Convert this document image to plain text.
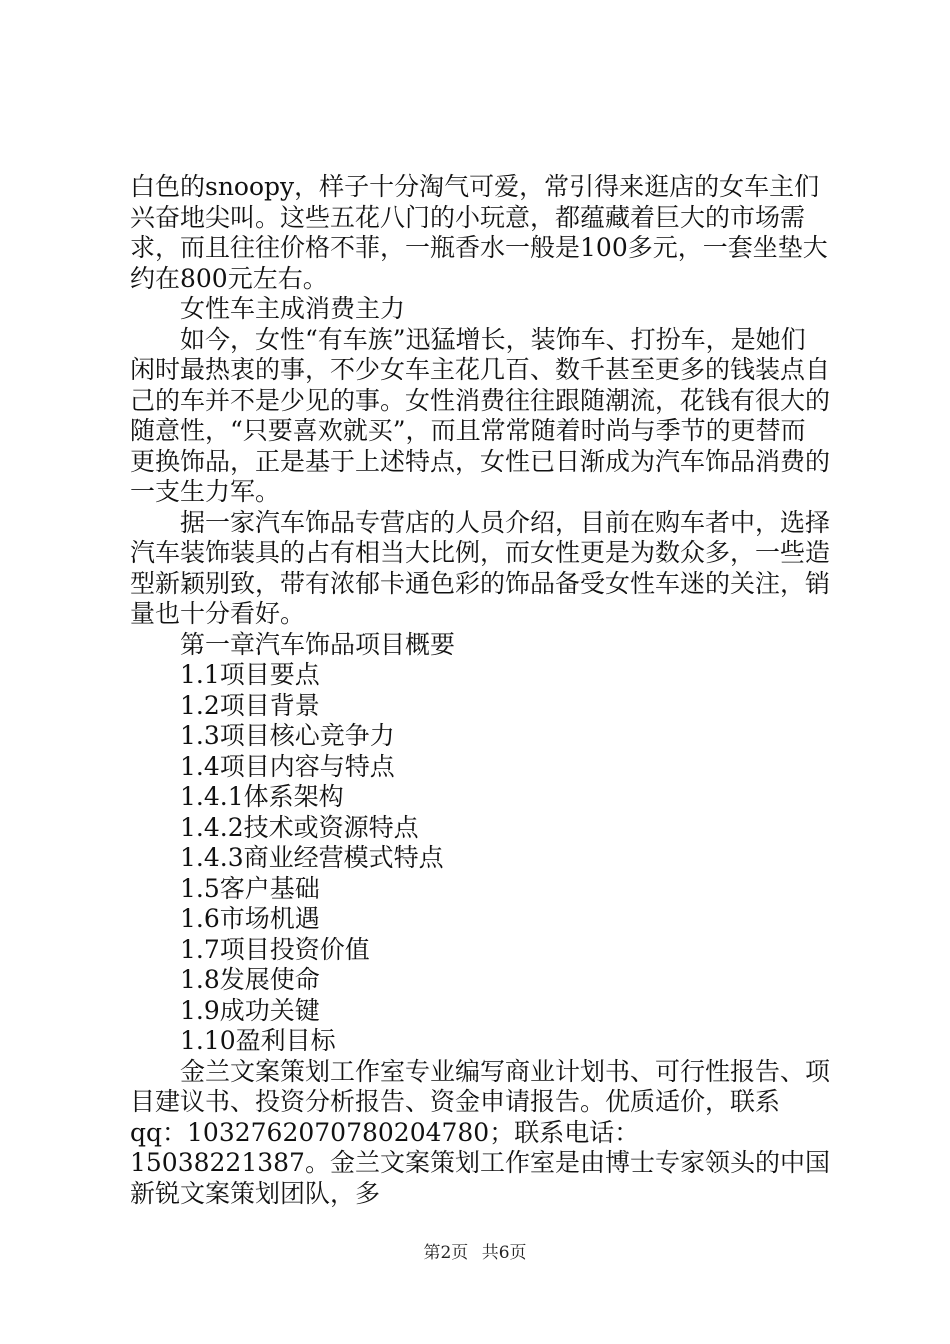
白色的snoopy，样子十分淘气可爱，常引得来逛店的女车主们兴奋地尖叫。这些五花八门的小玩意，都蕴藏着巨大的市场需求，而且往往价格不菲，一瓶香水一般是100多元，一套坐垫大约在800元左右。

女性车主成消费主力

如今，女性“有车族”迅猛增长，装饰车、打扮车，是她们闲时最热衷的事，不少女车主花几百、数千甚至更多的钱装点自己的车并不是少见的事。女性消费往往跟随潮流，花钱有很大的随意性，“只要喜欢就买”，而且常常随着时尚与季节的更替而更换饰品，正是基于上述特点，女性已日渐成为汽车饰品消费的一支生力军。

据一家汽车饰品专营店的人员介绍，目前在购车者中，选择汽车装饰装具的占有相当大比例，而女性更是为数众多，一些造型新颖别致，带有浓郁卡通色彩的饰品备受女性车迷的关注，销量也十分看好。

第一章汽车饰品项目概要

1.1项目要点

1.2项目背景

1.3项目核心竞争力

1.4项目内容与特点

1.4.1体系架构

1.4.2技术或资源特点

1.4.3商业经营模式特点

1.5客户基础

1.6市场机遇

1.7项目投资价值

1.8发展使命

1.9成功关键

1.10盈利目标

金兰文案策划工作室专业编写商业计划书、可行性报告、项目建议书、投资分析报告、资金申请报告。优质适价，联系qq：103276207078020​4780；联系电话：15038221387。金兰文案策划工作室是由博士专家领头的中国新锐文案策划团队，多

第2页 共6页
